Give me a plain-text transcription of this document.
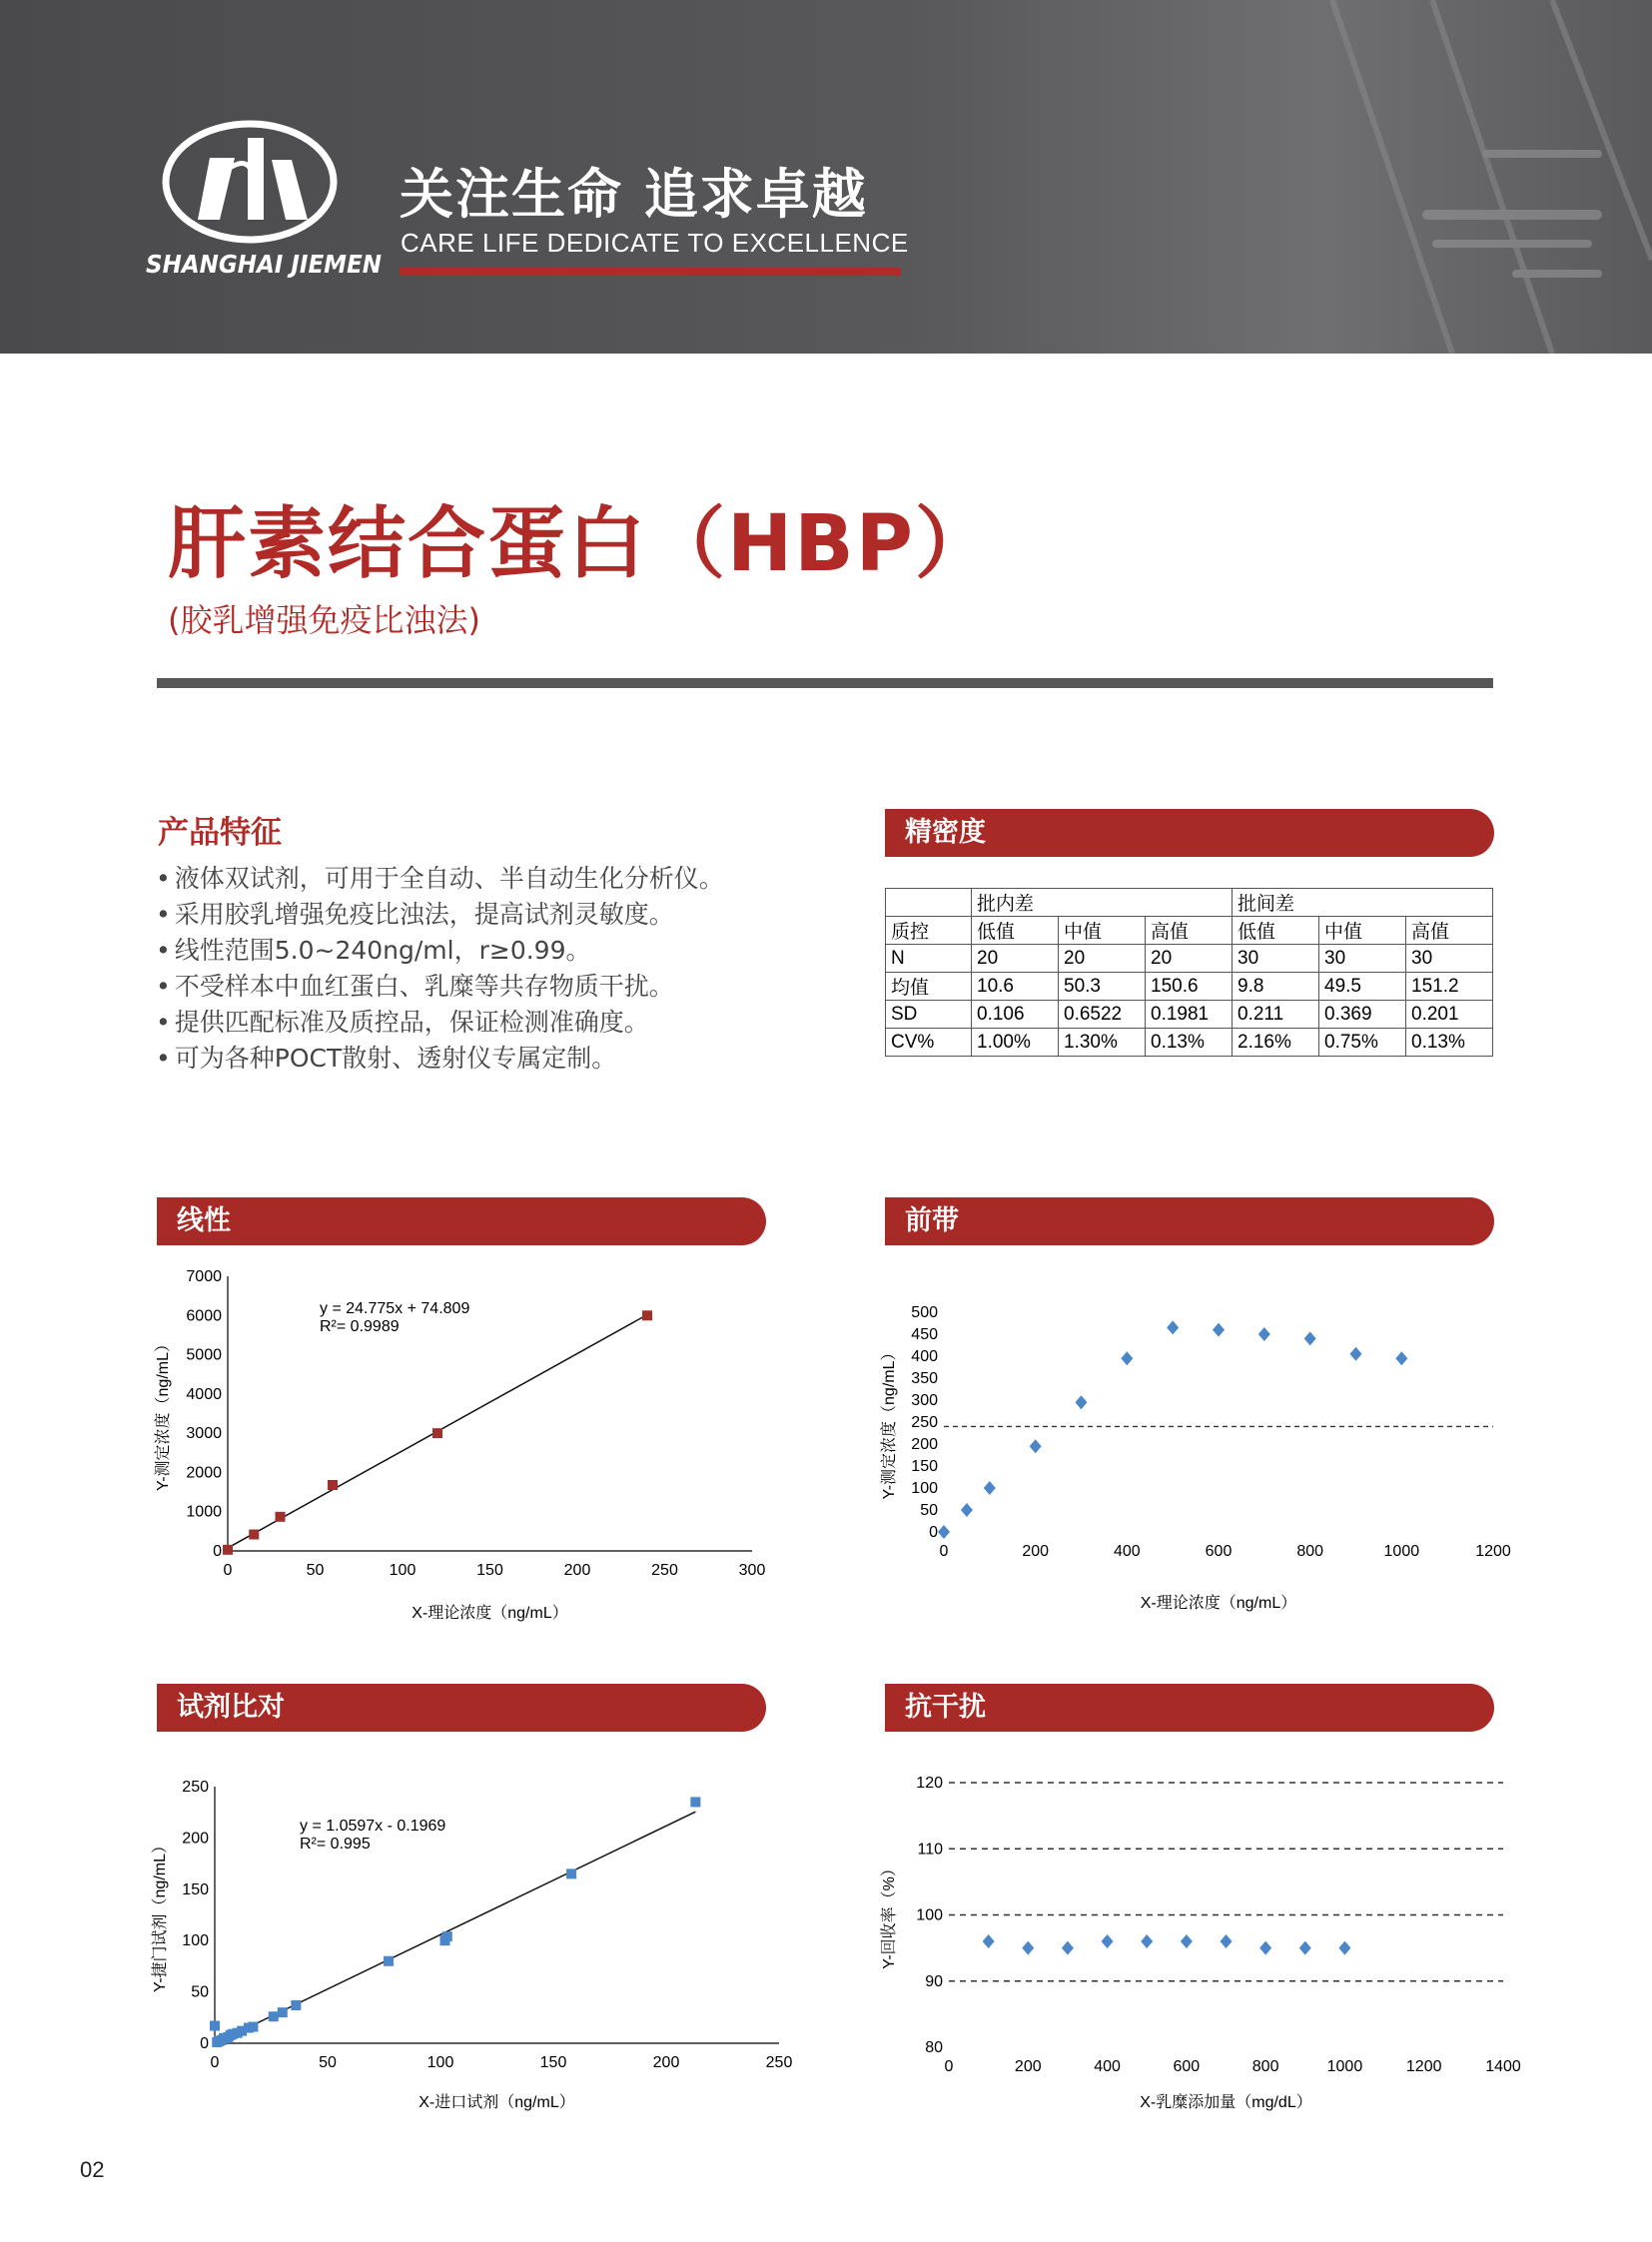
SHANGHAI JIEMEN
关注生命 追求卓越
CARE LIFE DEDICATE TO EXCELLENCE
肝素结合蛋白（HBP）
(胶乳增强免疫比浊法)
产品特征
• 液体双试剂，可用于全自动、半自动生化分析仪。
• 采用胶乳增强免疫比浊法，提高试剂灵敏度。
• 线性范围5.0~240ng/ml，r≥0.99。
• 不受样本中血红蛋白、乳糜等共存物质干扰。
• 提供匹配标准及质控品，保证检测准确度。
• 可为各种POCT散射、透射仪专属定制。
精密度
	批内差			批间差		
质控	低值	中值	高值	低值	中值	高值
N	20	20	20	30	30	30
均值	10.6	50.3	150.6	9.8	49.5	151.2
SD	0.106	0.6522	0.1981	0.211	0.369	0.201
CV%	1.00%	1.30%	0.13%	2.16%	0.75%	0.13%
线性	前带
试剂比对	抗干扰
0	50	100	150	200	250	300
0
1000
2000
3000
4000
5000
6000
7000
y = 24.775x + 74.809
R²= 0.9989
X-理论浓度（ng/mL）
Y-测定浓度（ng/mL）
0	200	400	600	800	1000	1200
0
50
100
150
200
250
300
350
400
450
500
X-理论浓度（ng/mL）
Y-测定浓度（ng/mL）
0	50	100	150	200	250
0
50
100
150
200
250
y = 1.0597x - 0.1969
R²= 0.995
X-进口试剂（ng/mL）
Y-捷门试剂（ng/mL）
0	200	400	600	800	1000	1200	1400
80
90
100
110
120
X-乳糜添加量（mg/dL）
Y-回收率（%）
02
